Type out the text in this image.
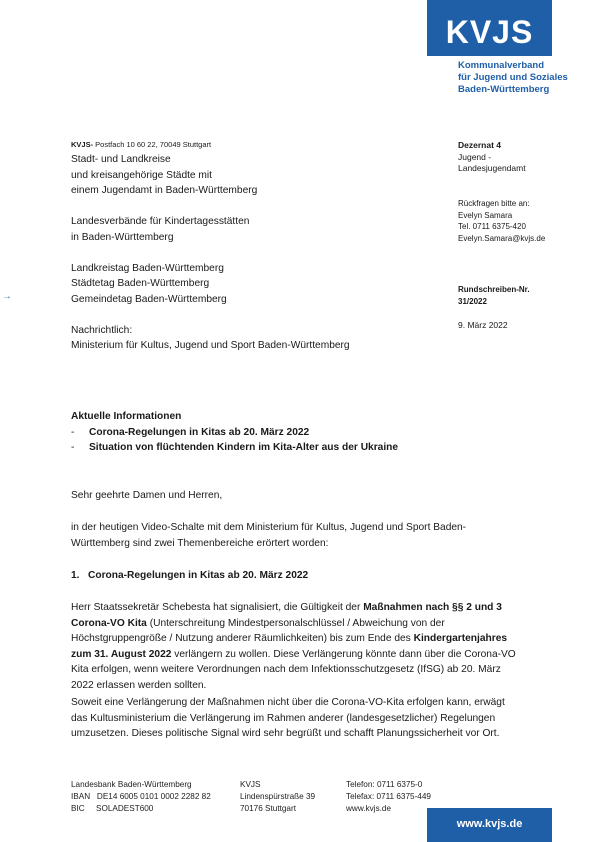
KVJS
Kommunalverband
für Jugend und Soziales
Baden-Württemberg
KVJS- Postfach 10 60 22, 70049 Stuttgart
Stadt- und Landkreise
und kreisangehörige Städte mit
einem Jugendamt in Baden-Württemberg
Landesverbände für Kindertagesstätten
in Baden-Württemberg
Landkreistag Baden-Württemberg
Städtetag Baden-Württemberg
Gemeindetag Baden-Württemberg
Nachrichtlich:
Ministerium für Kultus, Jugend und Sport Baden-Württemberg
→
Dezernat 4
Jugend -
Landesjugendamt
Rückfragen bitte an:
Evelyn Samara
Tel. 0711 6375-420
Evelyn.Samara@kvjs.de
Rundschreiben-Nr.
31/2022
9. März 2022
Aktuelle Informationen
- Corona-Regelungen in Kitas ab 20. März 2022
- Situation von flüchtenden Kindern im Kita-Alter aus der Ukraine
Sehr geehrte Damen und Herren,
in der heutigen Video-Schalte mit dem Ministerium für Kultus, Jugend und Sport Baden-Württemberg sind zwei Themenbereiche erörtert worden:
1.   Corona-Regelungen in Kitas ab 20. März 2022
Herr Staatssekretär Schebesta hat signalisiert, die Gültigkeit der Maßnahmen nach §§ 2 und 3 Corona-VO Kita (Unterschreitung Mindestpersonalschlüssel / Abweichung von der Höchstgruppengröße / Nutzung anderer Räumlichkeiten) bis zum Ende des Kindergartenjahres zum 31. August 2022 verlängern zu wollen. Diese Verlängerung könnte dann über die Corona-VO Kita erfolgen, wenn weitere Verordnungen nach dem Infektionsschutzgesetz (IfSG) ab 20. März 2022 erlassen werden sollten.
Soweit eine Verlängerung der Maßnahmen nicht über die Corona-VO-Kita erfolgen kann, erwägt das Kultusministerium die Verlängerung im Rahmen anderer (landesgesetzlicher) Regelungen umzusetzen. Dieses politische Signal wird sehr begrüßt und schafft Planungssicherheit vor Ort.
Landesbank Baden-Württemberg
IBAN   DE14 6005 0101 0002 2282 82
BIC     SOLADEST600
KVJS
Lindenspürstraße 39
70176 Stuttgart
Telefon: 0711 6375-0
Telefax: 0711 6375-449
www.kvjs.de
www.kvjs.de
